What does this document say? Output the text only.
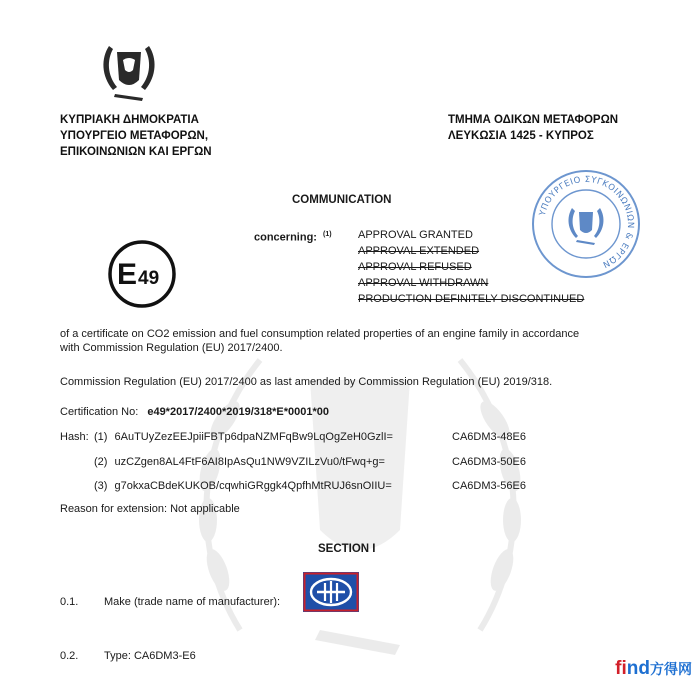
ΚΥΠΡΙΑΚΗ ΔΗΜΟΚΡΑΤΙΑ
ΥΠΟΥΡΓΕΙΟ ΜΕΤΑΦΟΡΩΝ,
ΕΠΙΚΟΙΝΩΝΙΩΝ ΚΑΙ ΕΡΓΩΝ
ΤΜΗΜΑ ΟΔΙΚΩΝ ΜΕΤΑΦΟΡΩΝ
ΛΕΥΚΩΣΙΑ 1425 - ΚΥΠΡΟΣ
COMMUNICATION
ΥΠΟΥΡΓΕΙΟ ΣΥΓΚΟΙΝΩΝΙΩΝ & ΕΡΓΩΝ
concerning: $^{(1)}$ APPROVAL GRANTED
APPROVAL EXTENDED
APPROVAL REFUSED
APPROVAL WITHDRAWN
PRODUCTION DEFINITELY DISCONTINUED
E 49
of a certificate on CO2 emission and fuel consumption related properties of an engine family in accordance
with Commission Regulation (EU) 2017/2400.
Commission Regulation (EU) 2017/2400 as last amended by Commission Regulation (EU) 2019/318.
Certification No: e49*2017/2400*2019/318*E*0001*00
Hash: (1) 6AuTUyZezEEJpiiFBTp6dpaNZMFqBw9LqOgZeH0GzlI=	CA6DM3-48E6
(2) uzCZgen8AL4FtF6AI8IpAsQu1NW9VZILzVu0/tFwq+g=	CA6DM3-50E6
(3) g7okxaCBdeKUKOB/cqwhiGRggk4QpfhMtRUJ6snOIIU=	CA6DM3-56E6
Reason for extension: Not applicable
SECTION I
0.1. Make (trade name of manufacturer):
0.2. Type: CA6DM3-E6
find方得网
